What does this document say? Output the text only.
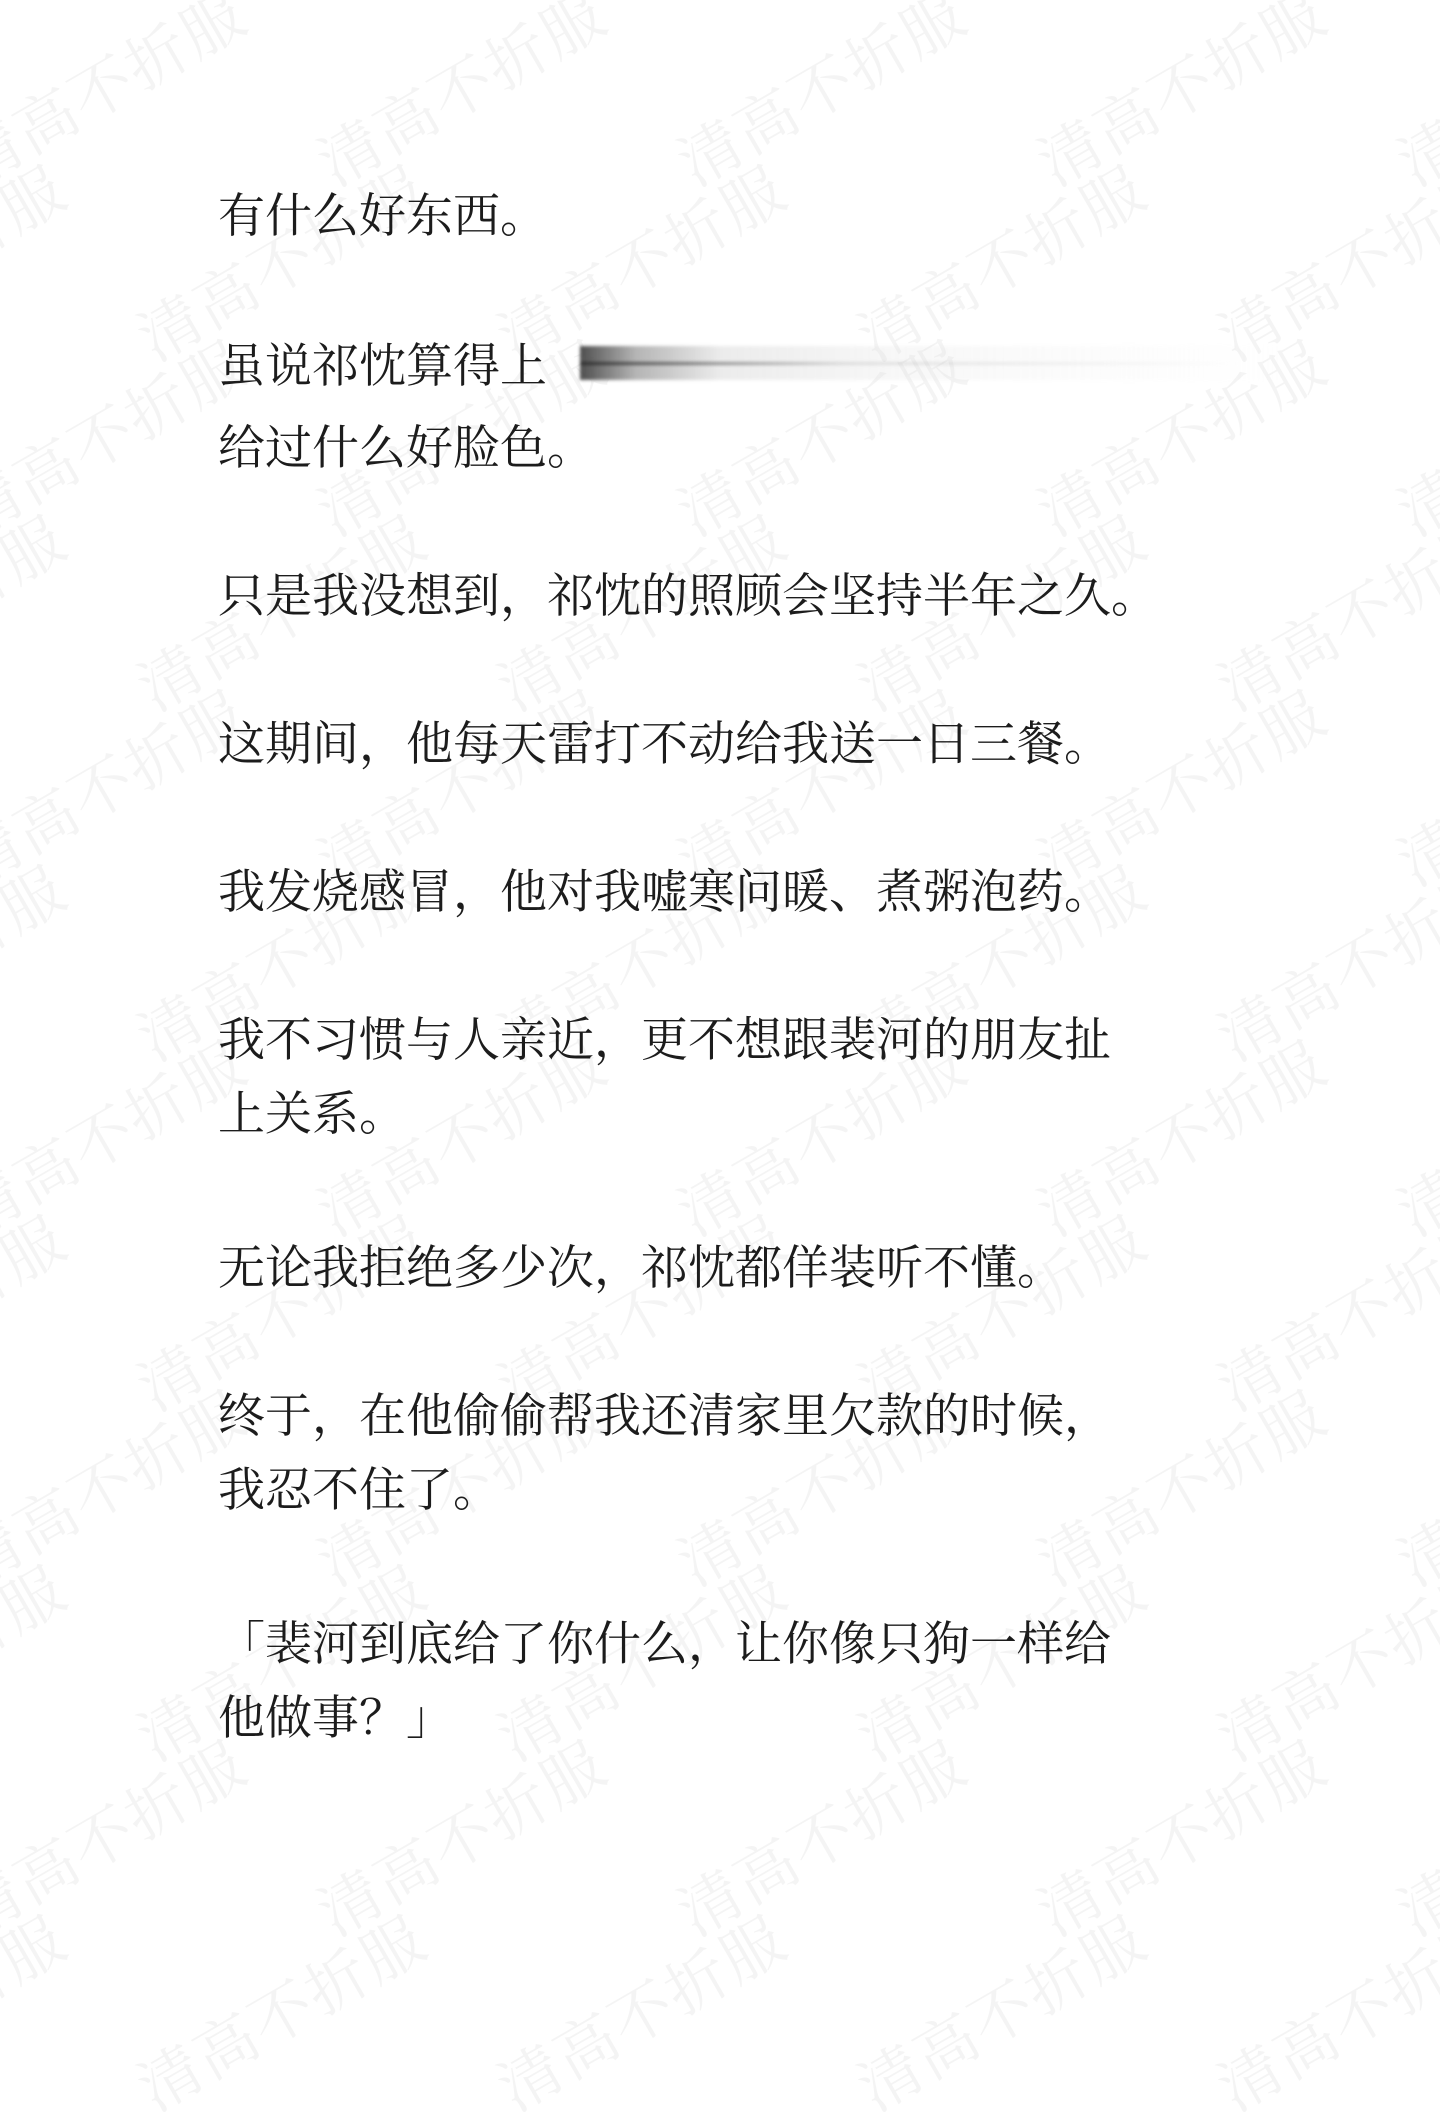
有什么好东西。

虽说祁忱算得上

给过什么好脸色。

只是我没想到，祁忱的照顾会坚持半年之久。

这期间，他每天雷打不动给我送一日三餐。

我发烧感冒，他对我嘘寒问暖、煮粥泡药。

我不习惯与人亲近，更不想跟裴河的朋友扯
上关系。

无论我拒绝多少次，祁忱都佯装听不懂。

终于，在他偷偷帮我还清家里欠款的时候，
我忍不住了。

「裴河到底给了你什么，让你像只狗一样给
他做事？」
